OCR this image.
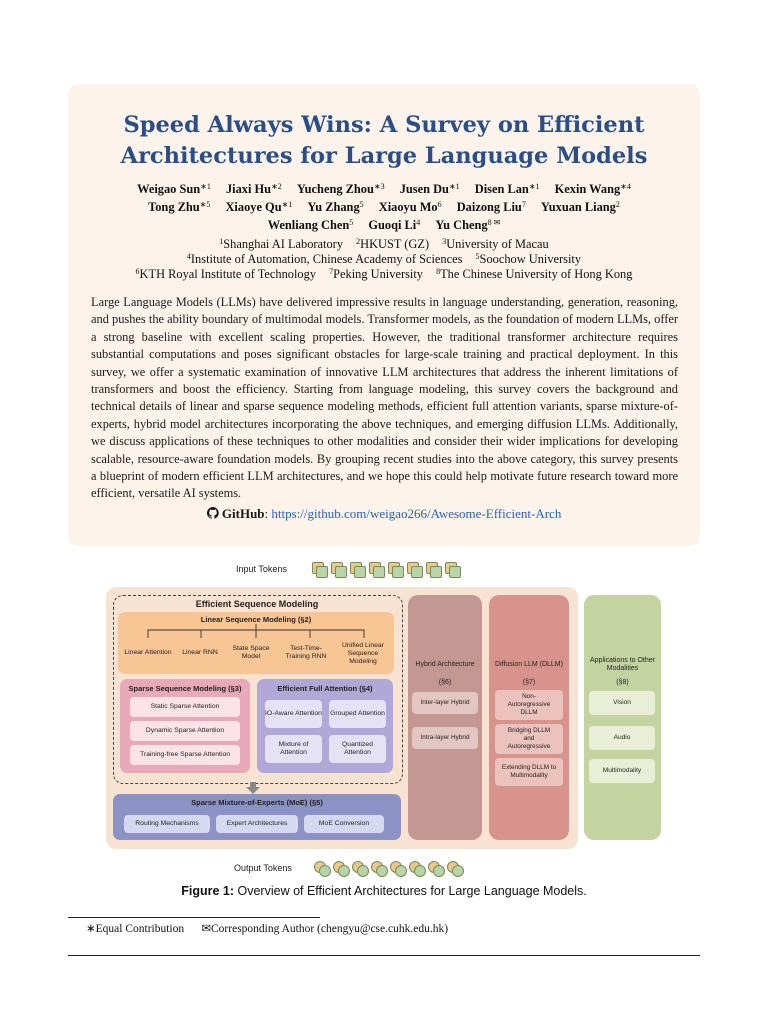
Speed Always Wins: A Survey on Efficient
Architectures for Large Language Models
Weigao Sun$^{∗1}$ Jiaxi $Hu^{∗2}$ Yucheng Zhou$^{∗3}$ Jusen $Du^{∗1}$ Disen Lan$^{∗1}$ Kexin Wang$^{∗4}$
Tong Zhu$^{∗5}$ Xiaoye $Qu^{∗1}$ Yu Zhang$^5$ Xiaoyu Mo$^6$ Daizong Liu$^7$ Yuxuan Liang$^2$
Wenliang Chen$^5$ Guoqi Li$^4$ Yu Cheng$^{8 ✉}$
$^1$Shanghai AI Laboratory $^2$HKUST (GZ) $^3$University of Macau
$^4$Institute of Automation, Chinese Academy of Sciences $^5$Soochow University
$^6$KTH Royal Institute of Technology $^7$Peking University $^8$The Chinese University of Hong Kong
Large Language Models (LLMs) have delivered impressive results in language understanding, generation, reasoning, and pushes the ability boundary of multimodal models. Transformer models, as the foundation of modern LLMs, offer a strong baseline with excellent scaling properties. However, the traditional transformer architecture requires substantial computations and poses significant obstacles for large-scale training and practical deployment. In this survey, we offer a systematic examination of innovative LLM architectures that address the inherent limitations of transformers and boost the efficiency. Starting from language modeling, this survey covers the background and technical details of linear and sparse sequence modeling methods, efficient full attention variants, sparse mixture-of-experts, hybrid model architectures incorporating the above techniques, and emerging diffusion LLMs. Additionally, we discuss applications of these techniques to other modalities and consider their wider implications for developing scalable, resource-aware foundation models. By grouping recent studies into the above category, this survey presents a blueprint of modern efficient LLM architectures, and we hope this could help motivate future research toward more efficient, versatile AI systems.
GitHub: https://github.com/weigao266/Awesome-Efficient-Arch
Input Tokens
Efficient Sequence Modeling
Linear Sequence Modeling (§2)
Linear Attention	Linear RNN
State Space Model
Test-Time-Training RNN
Unified Linear Sequence Modeling
Sparse Sequence Modeling (§3)
Static Sparse Attention
Dynamic Sparse Attention
Training-free Sparse Attention
Efficient Full Attention (§4)
IO-Aware Attention Grouped Attention
Mixture of Attention
Quantized Attention
Sparse Mixture-of-Experts (MoE) (§5)
Routing Mechanisms	Expert Architectures	MoE Conversion
Hybrid Architecture
(§6)
Inter-layer Hybrid
Intra-layer Hybrid
Diffusion LLM (DLLM)
(§7)
Non-Autoregressive DLLM
Bridging DLLM and Autoregressive
Extending DLLM to Multimodality
Applications to Other Modalities
(§8)
Vision
Audio
Multimodality
Output Tokens
Figure 1: Overview of Efficient Architectures for Large Language Models.
∗Equal Contribution ✉Corresponding Author (chengyu@cse.cuhk.edu.hk)
